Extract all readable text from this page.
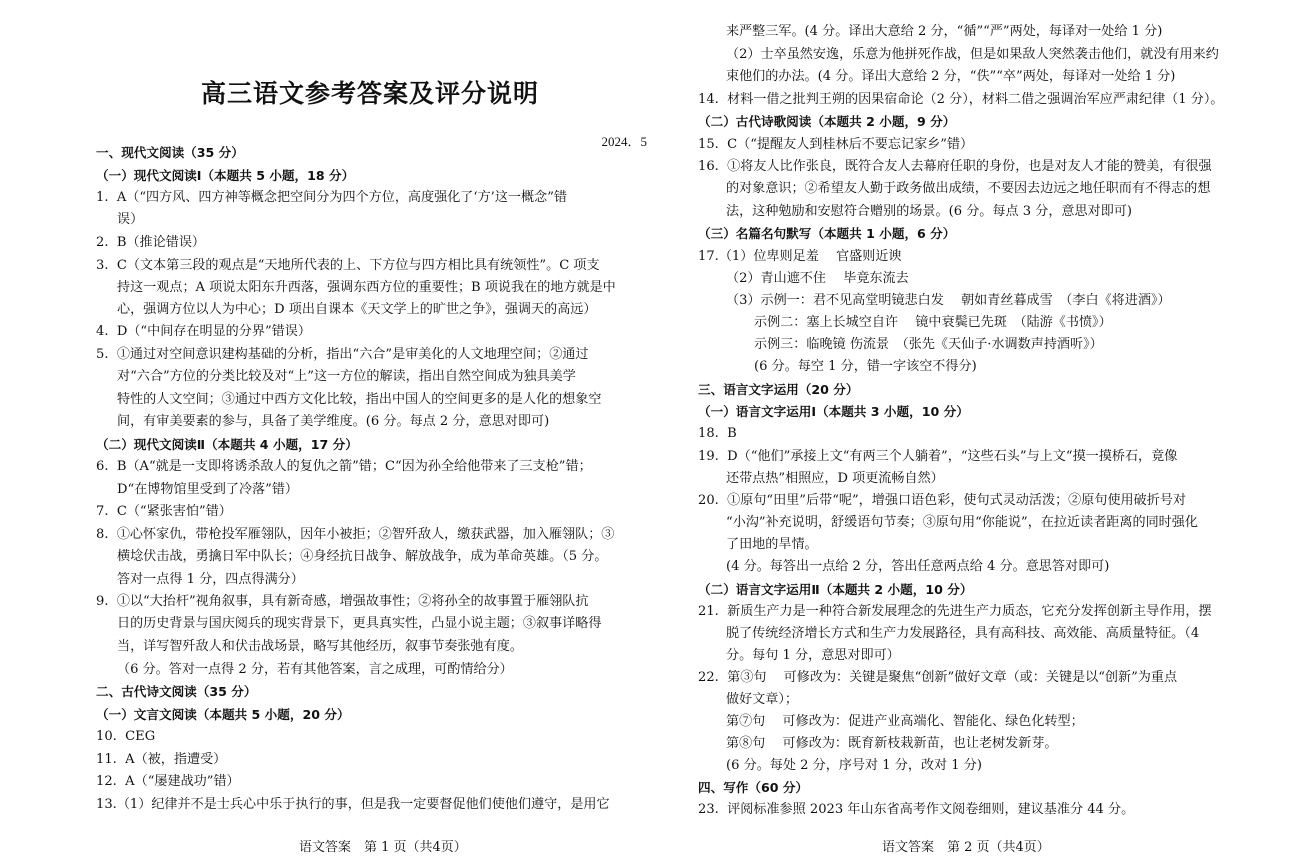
高三语文参考答案及评分说明
2024．5
一、现代文阅读（35 分）
（一）现代文阅读Ⅰ（本题共 5 小题，18 分）
1.  A（“四方风、四方神等概念把空间分为四个方位，高度强化了‘方’这一概念”错
误）
2.  B（推论错误）
3.  C（文本第三段的观点是“天地所代表的上、下方位与四方相比具有统领性”。C 项支
持这一观点；A 项说太阳东升西落，强调东西方位的重要性；B 项说我在的地方就是中
心，强调方位以人为中心；D 项出自课本《天文学上的旷世之争》，强调天的高远）
4.  D（“中间存在明显的分界”错误）
5.  ①通过对空间意识建构基础的分析，指出“六合”是审美化的人文地理空间；②通过
对“六合”方位的分类比较及对“上”这一方位的解读，指出自然空间成为独具美学
特性的人文空间；③通过中西方文化比较，指出中国人的空间更多的是人化的想象空
间，有审美要素的参与，具备了美学维度。(6 分。每点 2 分，意思对即可)
（二）现代文阅读Ⅱ（本题共 4 小题，17 分）
6.  B（A“就是一支即将诱杀敌人的复仇之箭”错；C“因为孙全给他带来了三支枪”错；
D“在博物馆里受到了冷落”错）
7.  C（“紧张害怕”错）
8.  ①心怀家仇，带枪投军雁翎队，因年小被拒；②智歼敌人，缴获武器，加入雁翎队；③
横埝伏击战，勇擒日军中队长；④身经抗日战争、解放战争，成为革命英雄。（5 分。
答对一点得 1 分，四点得满分）
9.  ①以“大抬杆”视角叙事，具有新奇感，增强故事性；②将孙全的故事置于雁翎队抗
日的历史背景与国庆阅兵的现实背景下，更具真实性，凸显小说主题；③叙事详略得
当，详写智歼敌人和伏击战场景，略写其他经历，叙事节奏张弛有度。
（6 分。答对一点得 2 分，若有其他答案，言之成理，可酌情给分）
二、古代诗文阅读（35 分）
（一）文言文阅读（本题共 5 小题，20 分）
10.  CEG
11.  A（被，指遭受）
12.  A（“屡建战功”错）
13.（1）纪律并不是士兵心中乐于执行的事，但是我一定要督促他们使他们遵守，是用它
语文答案　第 1 页（共4页）
来严整三军。(4 分。译出大意给 2 分，“循”“严”两处，每译对一处给 1 分)
（2）士卒虽然安逸，乐意为他拼死作战，但是如果敌人突然袭击他们，就没有用来约
束他们的办法。(4 分。译出大意给 2 分，“佚”“卒”两处，每译对一处给 1 分)
14.  材料一借之批判王朔的因果宿命论（2 分），材料二借之强调治军应严肃纪律（1 分）。
（二）古代诗歌阅读（本题共 2 小题，9 分）
15.  C（“提醒友人到桂林后不要忘记家乡”错）
16.  ①将友人比作张良，既符合友人去幕府任职的身份，也是对友人才能的赞美，有很强
的对象意识；②希望友人勤于政务做出成绩，不要因去边远之地任职而有不得志的想
法，这种勉励和安慰符合赠别的场景。(6 分。每点 3 分，意思对即可)
（三）名篇名句默写（本题共 1 小题，6 分）
17.（1）位卑则足羞　 官盛则近谀
（2）青山遮不住　 毕竟东流去
（3）示例一：君不见高堂明镜悲白发　 朝如青丝暮成雪　（李白《将进酒》）
示例二：塞上长城空自许　 镜中衰鬓已先斑　（陆游《书愤》）
示例三：临晚镜 伤流景　（张先《天仙子·水调数声持酒听》）
(6 分。每空 1 分，错一字该空不得分)
三、语言文字运用（20 分）
（一）语言文字运用Ⅰ（本题共 3 小题，10 分）
18.  B
19.  D（“他们”承接上文“有两三个人躺着”，“这些石头”与上文“摸一摸桥石，竟像
还带点热”相照应，D 项更流畅自然）
20.  ①原句“田里”后带“呢”，增强口语色彩，使句式灵动活泼；②原句使用破折号对
“小沟”补充说明，舒缓语句节奏；③原句用“你能说”，在拉近读者距离的同时强化
了田地的旱情。
(4 分。每答出一点给 2 分，答出任意两点给 4 分。意思答对即可)
（二）语言文字运用Ⅱ（本题共 2 小题，10 分）
21.  新质生产力是一种符合新发展理念的先进生产力质态，它充分发挥创新主导作用，摆
脱了传统经济增长方式和生产力发展路径，具有高科技、高效能、高质量特征。（4
分。每句 1 分，意思对即可）
22.  第③句　 可修改为：关键是聚焦“创新”做好文章（或：关键是以“创新”为重点
做好文章）；
第⑦句　 可修改为：促进产业高端化、智能化、绿色化转型；
第⑧句　 可修改为：既育新枝栽新苗，也让老树发新芽。
(6 分。每处 2 分，序号对 1 分，改对 1 分)
四、写作（60 分）
23.  评阅标准参照 2023 年山东省高考作文阅卷细则，建议基准分 44 分。
语文答案　第 2 页（共4页）
